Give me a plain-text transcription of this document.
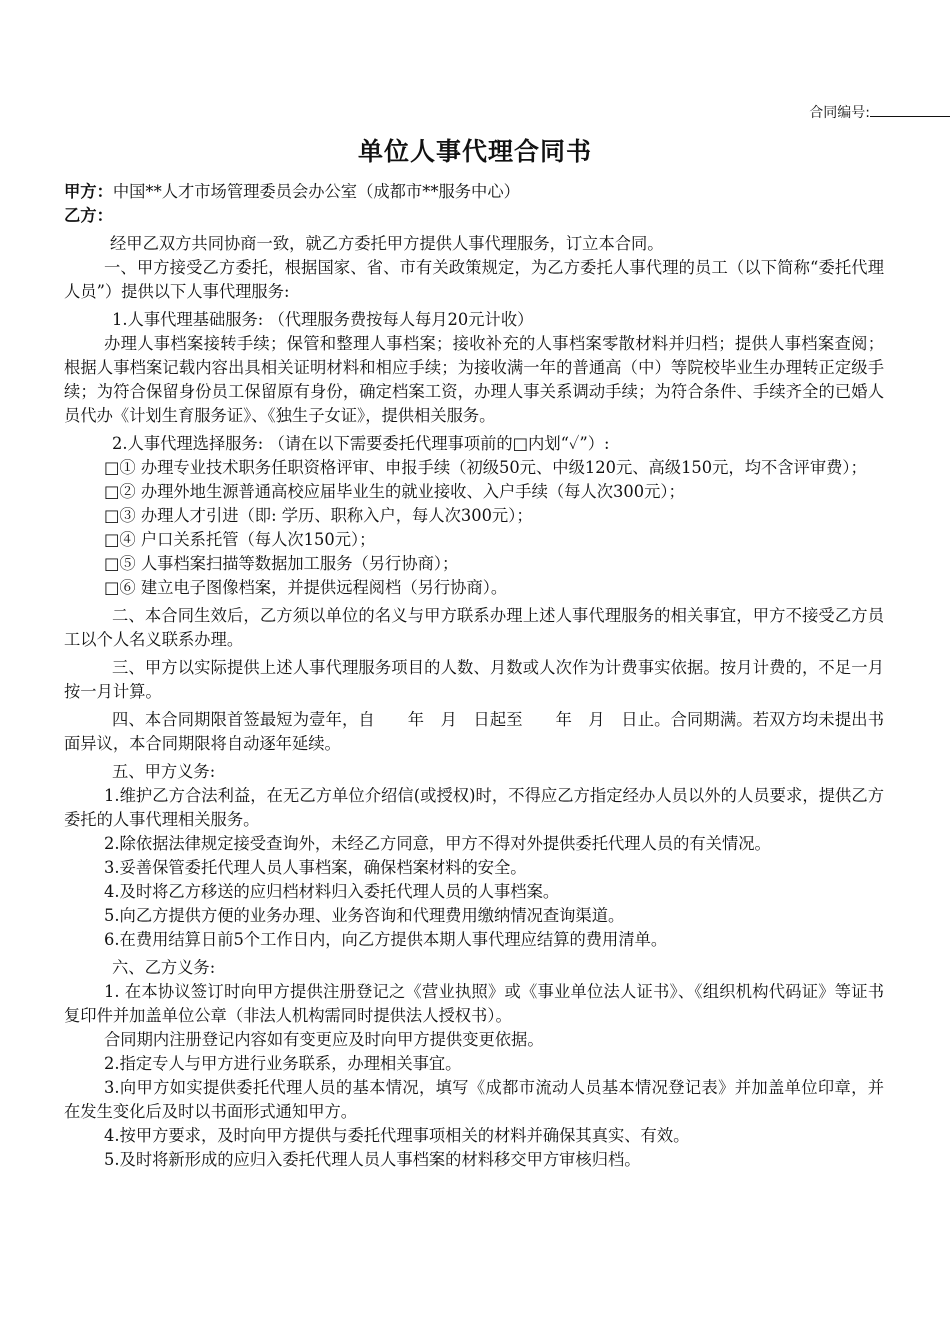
合同编号:
单位人事代理合同书

甲方：中国**人才市场管理委员会办公室（成都市**服务中心）

乙方：

经甲乙双方共同协商一致，就乙方委托甲方提供人事代理服务，订立本合同。

一、甲方接受乙方委托，根据国家、省、市有关政策规定，为乙方委托人事代理的员工（以下简称“委托代理人员”）提供以下人事代理服务:

1.人事代理基础服务: （代理服务费按每人每月20元计收）

办理人事档案接转手续；保管和整理人事档案；接收补充的人事档案零散材料并归档；提供人事档案查阅；根据人事档案记载内容出具相关证明材料和相应手续；为接收满一年的普通高（中）等院校毕业生办理转正定级手续；为符合保留身份员工保留原有身份，确定档案工资，办理人事关系调动手续；为符合条件、手续齐全的已婚人员代办《计划生育服务证》、《独生子女证》，提供相关服务。

2.人事代理选择服务: （请在以下需要委托代理事项前的□内划“✓”）:

□① 办理专业技术职务任职资格评审、申报手续（初级50元、中级120元、高级150元，均不含评审费）；

□② 办理外地生源普通高校应届毕业生的就业接收、入户手续（每人次300元）；

□③ 办理人才引进（即: 学历、职称入户，每人次300元）；

□④ 户口关系托管（每人次150元）；

□⑤ 人事档案扫描等数据加工服务（另行协商）；

□⑥ 建立电子图像档案，并提供远程阅档（另行协商）。

二、本合同生效后，乙方须以单位的名义与甲方联系办理上述人事代理服务的相关事宜，甲方不接受乙方员工以个人名义联系办理。

三、甲方以实际提供上述人事代理服务项目的人数、月数或人次作为计费事实依据。按月计费的，不足一月按一月计算。

四、本合同期限首签最短为壹年，自　　年　月　日起至　　年　月　日止。合同期满。若双方均未提出书面异议，本合同期限将自动逐年延续。

五、甲方义务:

1.维护乙方合法利益，在无乙方单位介绍信(或授权)时，不得应乙方指定经办人员以外的人员要求，提供乙方委托的人事代理相关服务。

2.除依据法律规定接受查询外，未经乙方同意，甲方不得对外提供委托代理人员的有关情况。

3.妥善保管委托代理人员人事档案，确保档案材料的安全。

4.及时将乙方移送的应归档材料归入委托代理人员的人事档案。

5.向乙方提供方便的业务办理、业务咨询和代理费用缴纳情况查询渠道。

6.在费用结算日前5个工作日内，向乙方提供本期人事代理应结算的费用清单。

六、乙方义务:

1. 在本协议签订时向甲方提供注册登记之《营业执照》或《事业单位法人证书》、《组织机构代码证》等证书复印件并加盖单位公章（非法人机构需同时提供法人授权书）。

合同期内注册登记内容如有变更应及时向甲方提供变更依据。

2.指定专人与甲方进行业务联系，办理相关事宜。

3.向甲方如实提供委托代理人员的基本情况，填写《成都市流动人员基本情况登记表》并加盖单位印章，并在发生变化后及时以书面形式通知甲方。

4.按甲方要求，及时向甲方提供与委托代理事项相关的材料并确保其真实、有效。

5.及时将新形成的应归入委托代理人员人事档案的材料移交甲方审核归档。
